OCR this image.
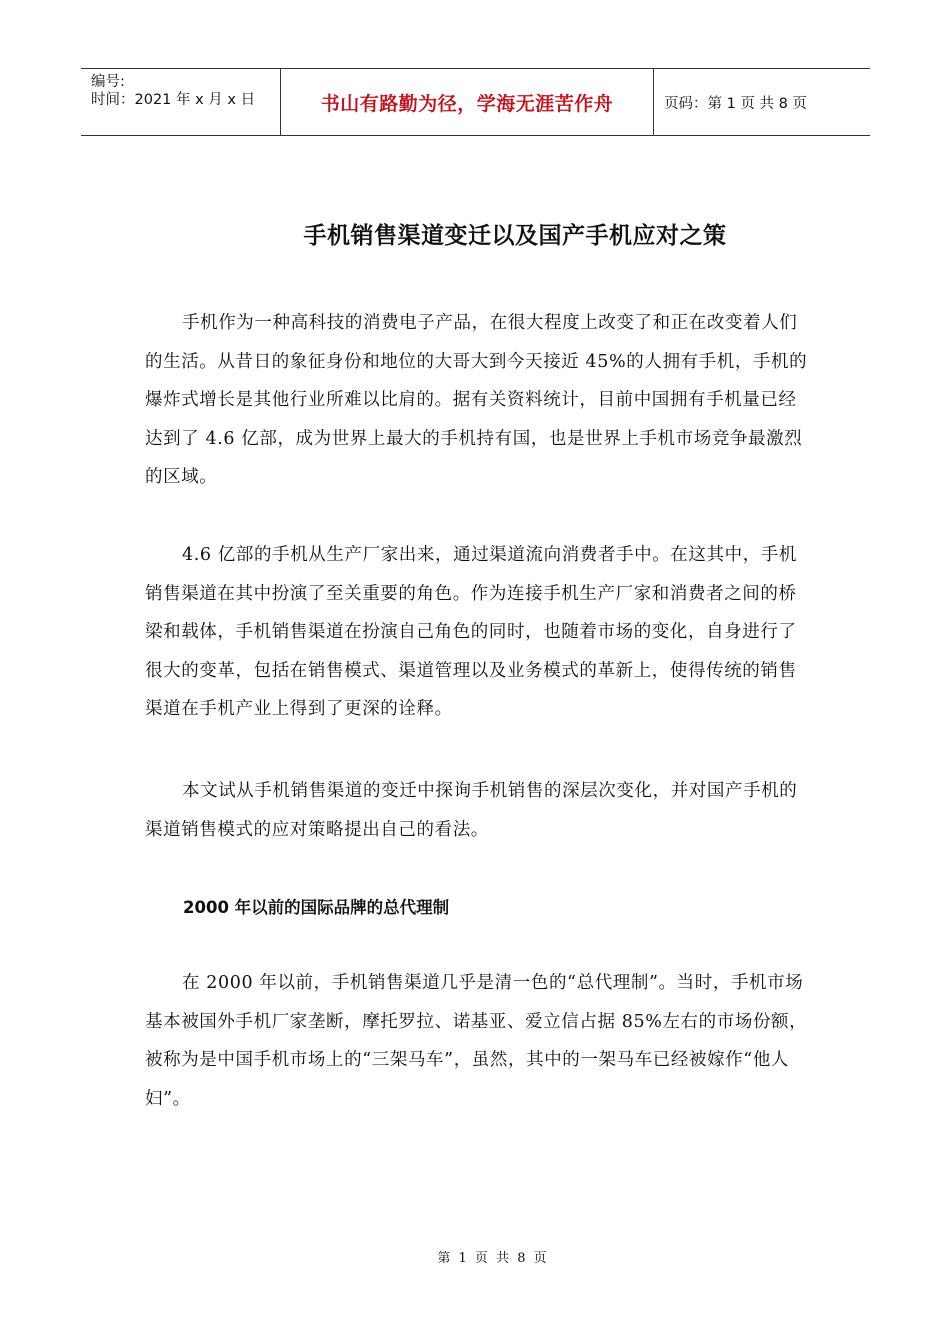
编号:
时间：2021 年 x 月 x 日	书山有路勤为径，学海无涯苦作舟	页码：第 1 页 共 8 页
手机销售渠道变迁以及国产手机应对之策

手机作为一种高科技的消费电子产品，在很大程度上改变了和正在改变着人们的生活。从昔日的象征身份和地位的大哥大到今天接近 45%的人拥有手机，手机的爆炸式增长是其他行业所难以比肩的。据有关资料统计，目前中国拥有手机量已经达到了 4.6 亿部，成为世界上最大的手机持有国，也是世界上手机市场竞争最激烈的区域。

4.6 亿部的手机从生产厂家出来，通过渠道流向消费者手中。在这其中，手机销售渠道在其中扮演了至关重要的角色。作为连接手机生产厂家和消费者之间的桥梁和载体，手机销售渠道在扮演自己角色的同时，也随着市场的变化，自身进行了很大的变革，包括在销售模式、渠道管理以及业务模式的革新上，使得传统的销售渠道在手机产业上得到了更深的诠释。

本文试从手机销售渠道的变迁中探询手机销售的深层次变化，并对国产手机的渠道销售模式的应对策略提出自己的看法。

2000 年以前的国际品牌的总代理制

在 2000 年以前，手机销售渠道几乎是清一色的“总代理制”。当时，手机市场基本被国外手机厂家垄断，摩托罗拉、诺基亚、爱立信占据 85%左右的市场份额，被称为是中国手机市场上的“三架马车”，虽然，其中的一架马车已经被嫁作“他人妇”。

第 1 页 共 8 页
